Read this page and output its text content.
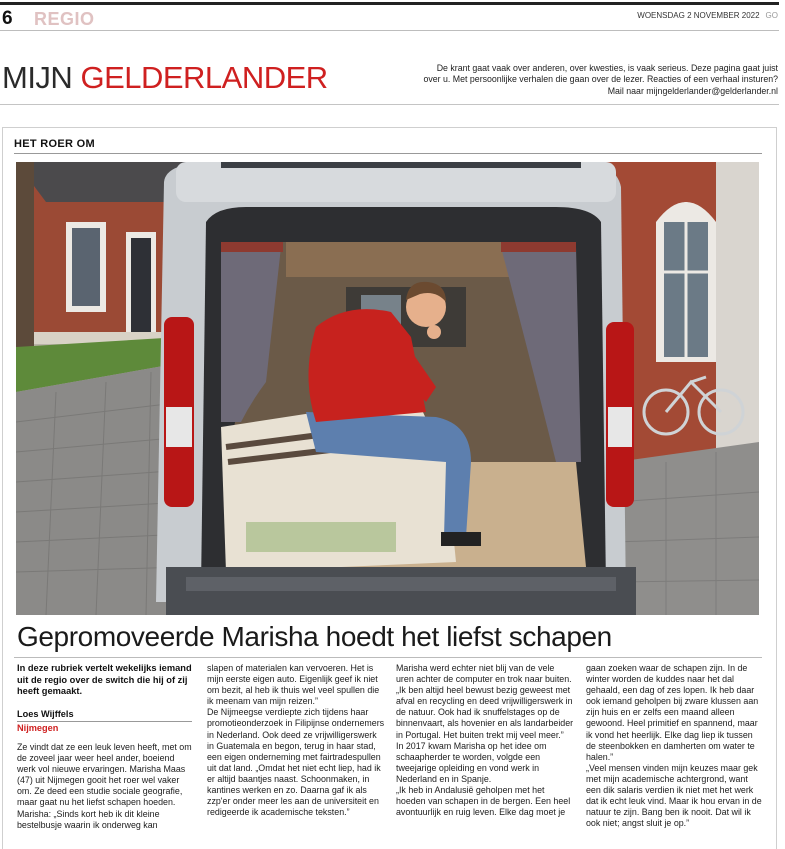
6 REGIO	WOENSDAG 2 NOVEMBER 2022 GO
MIJN GELDERLANDER	De krant gaat vaak over anderen, over kwesties, is vaak serieus. Deze pagina gaat juist
over u. Met persoonlijke verhalen die gaan over de lezer. Reacties of een verhaal insturen?
Mail naar mijngelderlander@gelderlander.nl
HET ROER OM
Gepromoveerde Marisha hoedt het liefst schapen
In deze rubriek vertelt wekelijks iemand uit de regio over de switch die hij of zij heeft gemaakt.
Loes Wijffels
Nijmegen

Ze vindt dat ze een leuk leven heeft, met om de zoveel jaar weer heel ander, boeiend werk vol nieuwe ervaringen. Marisha Maas (47) uit Nijmegen gooit het roer wel vaker om. Ze deed een studie sociale geografie, maar gaat nu het liefst schapen hoeden. Marisha: „Sinds kort heb ik dit kleine bestelbusje waarin ik onderweg kan

slapen of materialen kan vervoeren. Het is mijn eerste eigen auto. Eigenlijk geef ik niet om bezit, al heb ik thuis wel veel spullen die ik meenam van mijn reizen.”

De Nijmeegse verdiepte zich tijdens haar promotieonderzoek in Filipijnse ondernemers in Nederland. Ook deed ze vrijwilligerswerk in Guatemala en begon, terug in haar stad, een eigen onderneming met fairtradespullen uit dat land. „Omdat het niet echt liep, had ik er altijd baantjes naast. Schoonmaken, in kantines werken en zo. Daarna gaf ik als zzp'er onder meer les aan de universiteit en redigeerde ik academische teksten.”

Marisha werd echter niet blij van de vele uren achter de computer en trok naar buiten. „Ik ben altijd heel bewust bezig geweest met afval en recycling en deed vrijwilligerswerk in de natuur. Ook had ik snuffelstages op de binnenvaart, als hovenier en als landarbeider in Portugal. Het buiten trekt mij veel meer.”

In 2017 kwam Marisha op het idee om schaapherder te worden, volgde een tweejarige opleiding en vond werk in Nederland en in Spanje.

„Ik heb in Andalusië geholpen met het hoeden van schapen in de bergen. Een heel avontuurlijk en ruig leven. Elke dag moet je

gaan zoeken waar de schapen zijn. In de winter worden de kuddes naar het dal gehaald, een dag of zes lopen. Ik heb daar ook iemand geholpen bij zware klussen aan zijn huis en er zelfs een maand alleen gewoond. Heel primitief en spannend, maar ik vond het heerlijk. Elke dag liep ik tussen de steenbokken en damherten om water te halen.”

„Veel mensen vinden mijn keuzes maar gek met mijn academische achtergrond, want een dik salaris verdien ik niet met het werk dat ik echt leuk vind. Maar ik hou ervan in de natuur te zijn. Bang ben ik nooit. Dat wil ik ook niet; angst sluit je op.”
